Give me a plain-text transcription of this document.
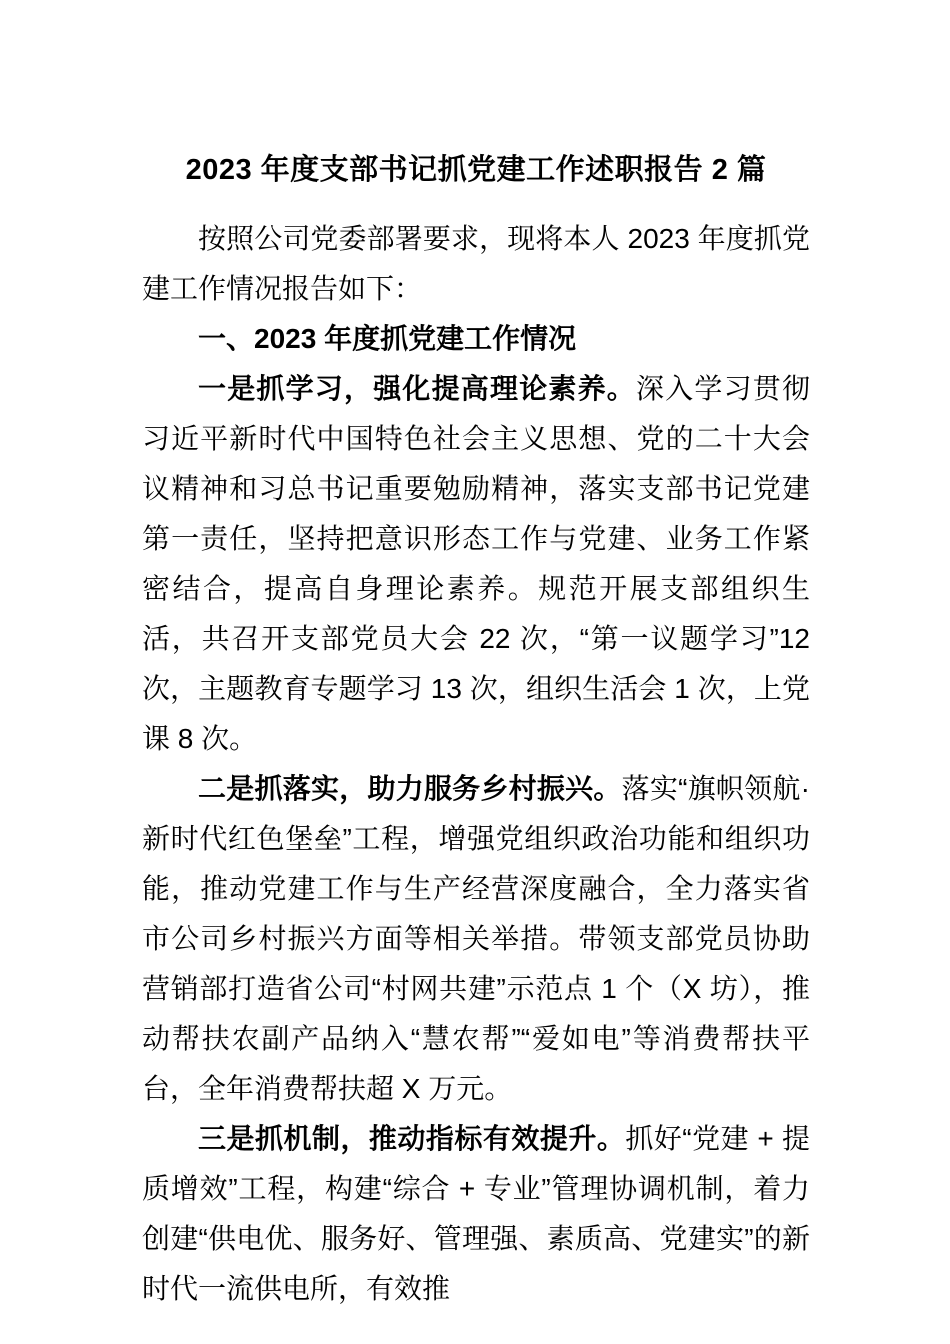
2023 年度支部书记抓党建工作述职报告 2 篇

按照公司党委部署要求，现将本人 2023 年度抓党建工作情况报告如下：

一、2023 年度抓党建工作情况

一是抓学习，强化提高理论素养。深入学习贯彻习近平新时代中国特色社会主义思想、党的二十大会议精神和习总书记重要勉励精神，落实支部书记党建第一责任，坚持把意识形态工作与党建、业务工作紧密结合，提高自身理论素养。规范开展支部组织生活，共召开支部党员大会 22 次，“第一议题学习”12 次，主题教育专题学习 13 次，组织生活会 1 次，上党课 8 次。

二是抓落实，助力服务乡村振兴。落实“旗帜领航·新时代红色堡垒”工程，增强党组织政治功能和组织功能，推动党建工作与生产经营深度融合，全力落实省市公司乡村振兴方面等相关举措。带领支部党员协助营销部打造省公司“村网共建”示范点 1 个（X 坊），推动帮扶农副产品纳入“慧农帮”“爱如电”等消费帮扶平台，全年消费帮扶超 X 万元。

三是抓机制，推动指标有效提升。抓好“党建 + 提质增效”工程，构建“综合 + 专业”管理协调机制，着力创建“供电优、服务好、管理强、素质高、党建实”的新时代一流供电所，有效推
